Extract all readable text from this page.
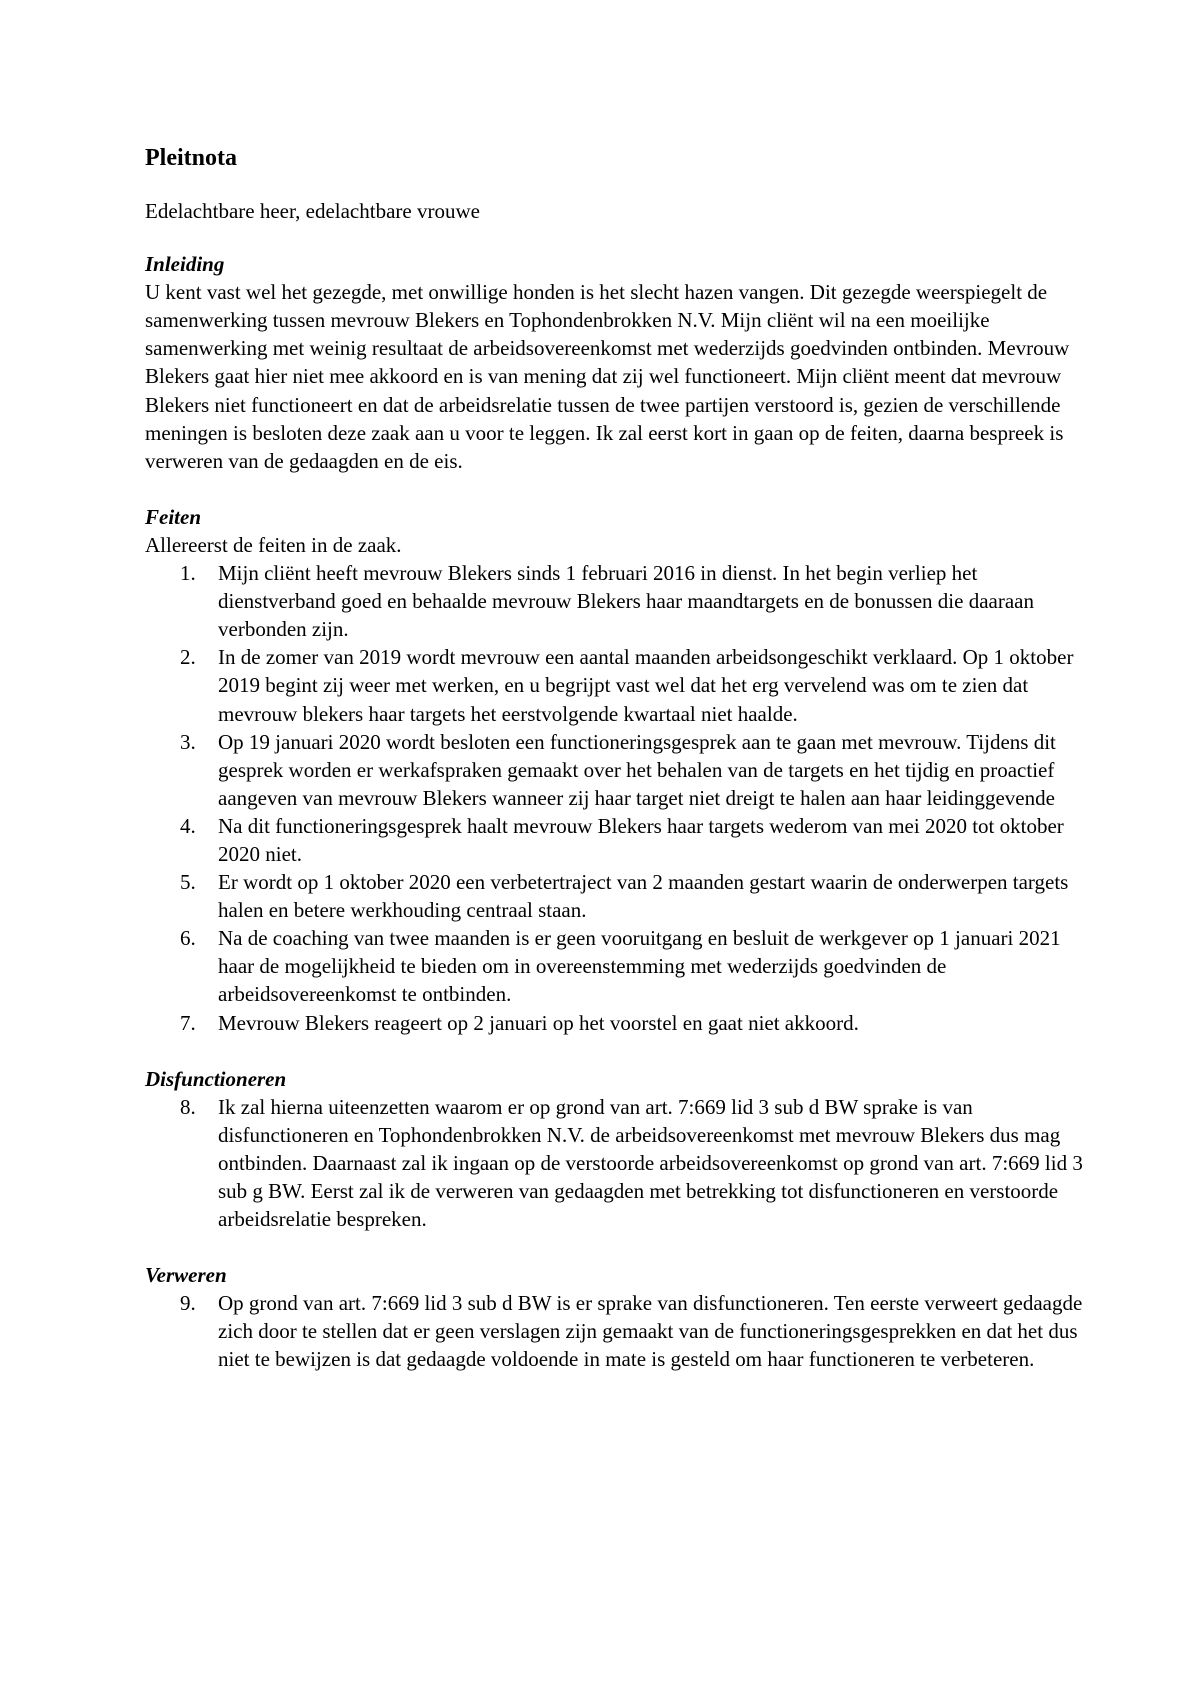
Pleitnota

Edelachtbare heer, edelachtbare vrouwe

Inleiding

U kent vast wel het gezegde, met onwillige honden is het slecht hazen vangen. Dit gezegde weerspiegelt de samenwerking tussen mevrouw Blekers en Tophondenbrokken N.V. Mijn cliënt wil na een moeilijke samenwerking met weinig resultaat de arbeidsovereenkomst met wederzijds goedvinden ontbinden. Mevrouw Blekers gaat hier niet mee akkoord en is van mening dat zij wel functioneert. Mijn cliënt meent dat mevrouw Blekers niet functioneert en dat de arbeidsrelatie tussen de twee partijen verstoord is, gezien de verschillende meningen is besloten deze zaak aan u voor te leggen. Ik zal eerst kort in gaan op de feiten, daarna bespreek is verweren van de gedaagden en de eis.

Feiten

Allereerst de feiten in de zaak.

1. Mijn cliënt heeft mevrouw Blekers sinds 1 februari 2016 in dienst. In het begin verliep het dienstverband goed en behaalde mevrouw Blekers haar maandtargets en de bonussen die daaraan verbonden zijn.
2. In de zomer van 2019 wordt mevrouw een aantal maanden arbeidsongeschikt verklaard. Op 1 oktober 2019 begint zij weer met werken, en u begrijpt vast wel dat het erg vervelend was om te zien dat mevrouw blekers haar targets het eerstvolgende kwartaal niet haalde.
3. Op 19 januari 2020 wordt besloten een functioneringsgesprek aan te gaan met mevrouw. Tijdens dit gesprek worden er werkafspraken gemaakt over het behalen van de targets en het tijdig en proactief aangeven van mevrouw Blekers wanneer zij haar target niet dreigt te halen aan haar leidinggevende
4. Na dit functioneringsgesprek haalt mevrouw Blekers haar targets wederom van mei 2020 tot oktober 2020 niet.
5. Er wordt op 1 oktober 2020 een verbetertraject van 2 maanden gestart waarin de onderwerpen targets halen en betere werkhouding centraal staan.
6. Na de coaching van twee maanden is er geen vooruitgang en besluit de werkgever op 1 januari 2021 haar de mogelijkheid te bieden om in overeenstemming met wederzijds goedvinden de arbeidsovereenkomst te ontbinden.
7. Mevrouw Blekers reageert op 2 januari op het voorstel en gaat niet akkoord.

Disfunctioneren

8. Ik zal hierna uiteenzetten waarom er op grond van art. 7:669 lid 3 sub d BW sprake is van disfunctioneren en Tophondenbrokken N.V. de arbeidsovereenkomst met mevrouw Blekers dus mag ontbinden. Daarnaast zal ik ingaan op de verstoorde arbeidsovereenkomst op grond van art. 7:669 lid 3 sub g BW. Eerst zal ik de verweren van gedaagden met betrekking tot disfunctioneren en verstoorde arbeidsrelatie bespreken.

Verweren

9. Op grond van art. 7:669 lid 3 sub d BW is er sprake van disfunctioneren. Ten eerste verweert gedaagde zich door te stellen dat er geen verslagen zijn gemaakt van de functioneringsgesprekken en dat het dus niet te bewijzen is dat gedaagde voldoende in mate is gesteld om haar functioneren te verbeteren.
